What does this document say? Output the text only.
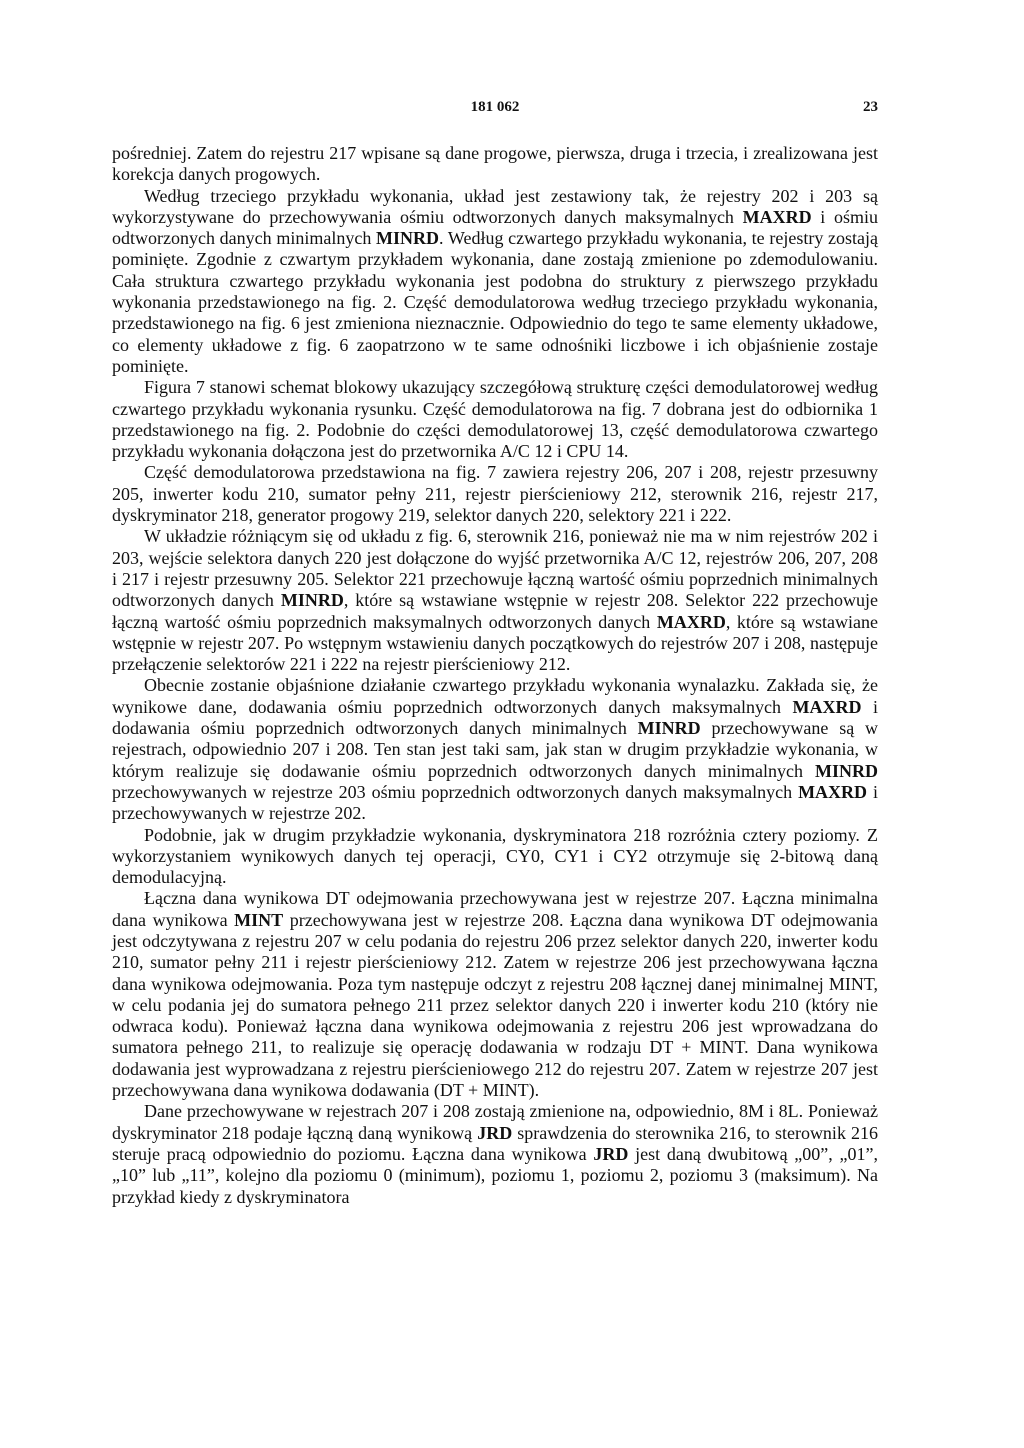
181 062	23

pośredniej. Zatem do rejestru 217 wpisane są dane progowe, pierwsza, druga i trzecia, i zrealizowana jest korekcja danych progowych.

Według trzeciego przykładu wykonania, układ jest zestawiony tak, że rejestry 202 i 203 są wykorzystywane do przechowywania ośmiu odtworzonych danych maksymalnych MAXRD i ośmiu odtworzonych danych minimalnych MINRD. Według czwartego przykładu wykonania, te rejestry zostają pominięte. Zgodnie z czwartym przykładem wykonania, dane zostają zmienione po zdemodulowaniu. Cała struktura czwartego przykładu wykonania jest podobna do struktury z pierwszego przykładu wykonania przedstawionego na fig. 2. Część demodulatorowa według trzeciego przykładu wykonania, przedstawionego na fig. 6 jest zmieniona nieznacznie. Odpowiednio do tego te same elementy układowe, co elementy układowe z fig. 6 zaopatrzono w te same odnośniki liczbowe i ich objaśnienie zostaje pominięte.

Figura 7 stanowi schemat blokowy ukazujący szczegółową strukturę części demodulatorowej według czwartego przykładu wykonania rysunku. Część demodulatorowa na fig. 7 dobrana jest do odbiornika 1 przedstawionego na fig. 2. Podobnie do części demodulatorowej 13, część demodulatorowa czwartego przykładu wykonania dołączona jest do przetwornika A/C 12 i CPU 14.

Część demodulatorowa przedstawiona na fig. 7 zawiera rejestry 206, 207 i 208, rejestr przesuwny 205, inwerter kodu 210, sumator pełny 211, rejestr pierścieniowy 212, sterownik 216, rejestr 217, dyskryminator 218, generator progowy 219, selektor danych 220, selektory 221 i 222.

W układzie różniącym się od układu z fig. 6, sterownik 216, ponieważ nie ma w nim rejestrów 202 i 203, wejście selektora danych 220 jest dołączone do wyjść przetwornika A/C 12, rejestrów 206, 207, 208 i 217 i rejestr przesuwny 205. Selektor 221 przechowuje łączną wartość ośmiu poprzednich minimalnych odtworzonych danych MINRD, które są wstawiane wstępnie w rejestr 208. Selektor 222 przechowuje łączną wartość ośmiu poprzednich maksymalnych odtworzonych danych MAXRD, które są wstawiane wstępnie w rejestr 207. Po wstępnym wstawieniu danych początkowych do rejestrów 207 i 208, następuje przełączenie selektorów 221 i 222 na rejestr pierścieniowy 212.

Obecnie zostanie objaśnione działanie czwartego przykładu wykonania wynalazku. Zakłada się, że wynikowe dane, dodawania ośmiu poprzednich odtworzonych danych maksymalnych MAXRD i dodawania ośmiu poprzednich odtworzonych danych minimalnych MINRD przechowywane są w rejestrach, odpowiednio 207 i 208. Ten stan jest taki sam, jak stan w drugim przykładzie wykonania, w którym realizuje się dodawanie ośmiu poprzednich odtworzonych danych minimalnych MINRD przechowywanych w rejestrze 203 ośmiu poprzednich odtworzonych danych maksymalnych MAXRD i przechowywanych w rejestrze 202.

Podobnie, jak w drugim przykładzie wykonania, dyskryminatora 218 rozróżnia cztery poziomy. Z wykorzystaniem wynikowych danych tej operacji, CY0, CY1 i CY2 otrzymuje się 2-bitową daną demodulacyjną.

Łączna dana wynikowa DT odejmowania przechowywana jest w rejestrze 207. Łączna minimalna dana wynikowa MINT przechowywana jest w rejestrze 208. Łączna dana wynikowa DT odejmowania jest odczytywana z rejestru 207 w celu podania do rejestru 206 przez selektor danych 220, inwerter kodu 210, sumator pełny 211 i rejestr pierścieniowy 212. Zatem w rejestrze 206 jest przechowywana łączna dana wynikowa odejmowania. Poza tym następuje odczyt z rejestru 208 łącznej danej minimalnej MINT, w celu podania jej do sumatora pełnego 211 przez selektor danych 220 i inwerter kodu 210 (który nie odwraca kodu). Ponieważ łączna dana wynikowa odejmowania z rejestru 206 jest wprowadzana do sumatora pełnego 211, to realizuje się operację dodawania w rodzaju DT + MINT. Dana wynikowa dodawania jest wyprowadzana z rejestru pierścieniowego 212 do rejestru 207. Zatem w rejestrze 207 jest przechowywana dana wynikowa dodawania (DT + MINT).

Dane przechowywane w rejestrach 207 i 208 zostają zmienione na, odpowiednio, 8M i 8L. Ponieważ dyskryminator 218 podaje łączną daną wynikową JRD sprawdzenia do sterownika 216, to sterownik 216 steruje pracą odpowiednio do poziomu. Łączna dana wynikowa JRD jest daną dwubitową „00”, „01”, „10” lub „11”, kolejno dla poziomu 0 (minimum), poziomu 1, poziomu 2, poziomu 3 (maksimum). Na przykład kiedy z dyskryminatora
